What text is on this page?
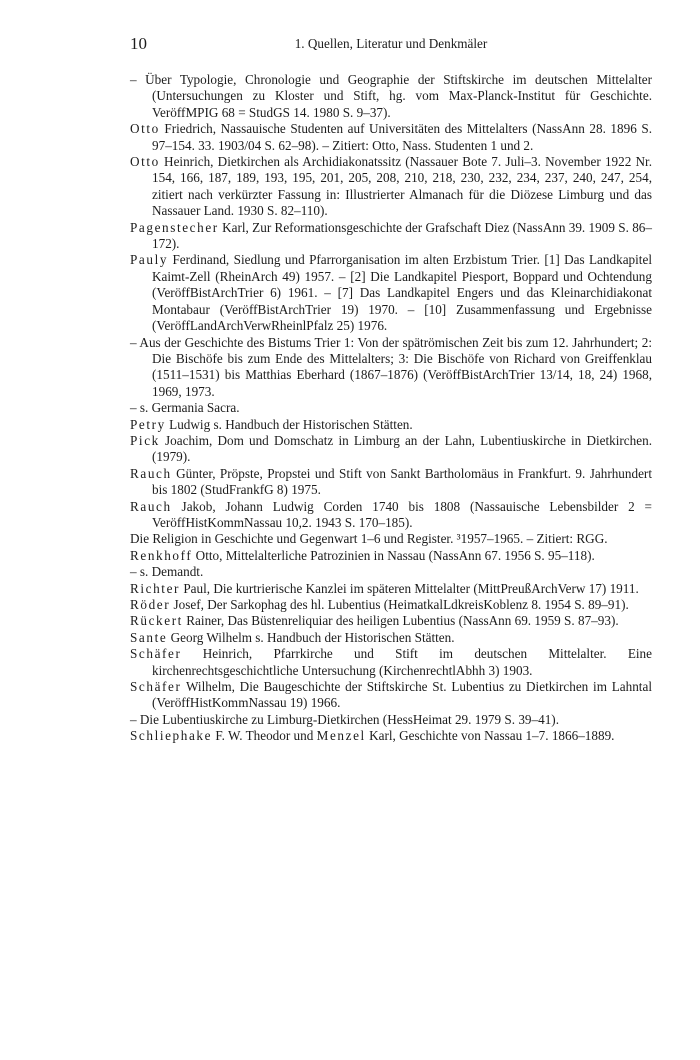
10	1. Quellen, Literatur und Denkmäler

– Über Typologie, Chronologie und Geographie der Stiftskirche im deutschen Mittelalter (Untersuchungen zu Kloster und Stift, hg. vom Max-Planck-Institut für Geschichte. VeröffMPIG 68 = StudGS 14. 1980 S. 9–37).

Otto Friedrich, Nassauische Studenten auf Universitäten des Mittelalters (NassAnn 28. 1896 S. 97–154. 33. 1903/04 S. 62–98). – Zitiert: Otto, Nass. Studenten 1 und 2.

Otto Heinrich, Dietkirchen als Archidiakonatssitz (Nassauer Bote 7. Juli–3. November 1922 Nr. 154, 166, 187, 189, 193, 195, 201, 205, 208, 210, 218, 230, 232, 234, 237, 240, 247, 254, zitiert nach verkürzter Fassung in: Illustrierter Almanach für die Diözese Limburg und das Nassauer Land. 1930 S. 82–110).

Pagenstecher Karl, Zur Reformationsgeschichte der Grafschaft Diez (NassAnn 39. 1909 S. 86–172).

Pauly Ferdinand, Siedlung und Pfarrorganisation im alten Erzbistum Trier. [1] Das Landkapitel Kaimt-Zell (RheinArch 49) 1957. – [2] Die Landkapitel Piesport, Boppard und Ochtendung (VeröffBistArchTrier 6) 1961. – [7] Das Landkapitel Engers und das Kleinarchidiakonat Montabaur (VeröffBistArchTrier 19) 1970. – [10] Zusammenfassung und Ergebnisse (VeröffLandArchVerwRheinlPfalz 25) 1976.

– Aus der Geschichte des Bistums Trier 1: Von der spätrömischen Zeit bis zum 12. Jahrhundert; 2: Die Bischöfe bis zum Ende des Mittelalters; 3: Die Bischöfe von Richard von Greiffenklau (1511–1531) bis Matthias Eberhard (1867–1876) (VeröffBistArchTrier 13/14, 18, 24) 1968, 1969, 1973.

– s. Germania Sacra.

Petry Ludwig s. Handbuch der Historischen Stätten.

Pick Joachim, Dom und Domschatz in Limburg an der Lahn, Lubentiuskirche in Dietkirchen. (1979).

Rauch Günter, Pröpste, Propstei und Stift von Sankt Bartholomäus in Frankfurt. 9. Jahrhundert bis 1802 (StudFrankfG 8) 1975.

Rauch Jakob, Johann Ludwig Corden 1740 bis 1808 (Nassauische Lebensbilder 2 = VeröffHistKommNassau 10,2. 1943 S. 170–185).

Die Religion in Geschichte und Gegenwart 1–6 und Register. ³1957–1965. – Zitiert: RGG.

Renkhoff Otto, Mittelalterliche Patrozinien in Nassau (NassAnn 67. 1956 S. 95–118).

– s. Demandt.

Richter Paul, Die kurtrierische Kanzlei im späteren Mittelalter (MittPreußArchVerw 17) 1911.

Röder Josef, Der Sarkophag des hl. Lubentius (HeimatkalLdkreisKoblenz 8. 1954 S. 89–91).

Rückert Rainer, Das Büstenreliquiar des heiligen Lubentius (NassAnn 69. 1959 S. 87–93).

Sante Georg Wilhelm s. Handbuch der Historischen Stätten.

Schäfer Heinrich, Pfarrkirche und Stift im deutschen Mittelalter. Eine kirchenrechtsgeschichtliche Untersuchung (KirchenrechtlAbhh 3) 1903.

Schäfer Wilhelm, Die Baugeschichte der Stiftskirche St. Lubentius zu Dietkirchen im Lahntal (VeröffHistKommNassau 19) 1966.

– Die Lubentiuskirche zu Limburg-Dietkirchen (HessHeimat 29. 1979 S. 39–41).

Schliephake F. W. Theodor und Menzel Karl, Geschichte von Nassau 1–7. 1866–1889.
